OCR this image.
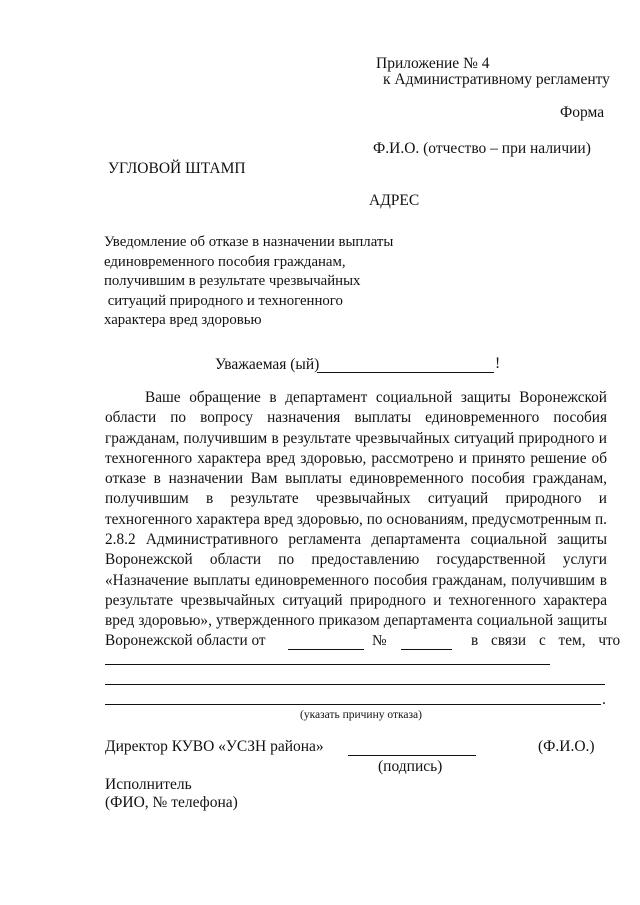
Приложение № 4
к Административному регламенту
Форма
Ф.И.О. (отчество – при наличии)
УГЛОВОЙ ШТАМП
АДРЕС
Уведомление об отказе в назначении выплаты
единовременного пособия гражданам,
получившим в результате чрезвычайных
ситуаций природного и техногенного
характера вред здоровью
Уважаемая (ый)	!
Ваше обращение в департамент социальной защиты Воронежской
области по вопросу назначения выплаты единовременного пособия
гражданам, получившим в результате чрезвычайных ситуаций природного и
техногенного характера вред здоровью, рассмотрено и принято решение об
отказе в назначении Вам выплаты единовременного пособия гражданам,
получившим в результате чрезвычайных ситуаций природного и
техногенного характера вред здоровью, по основаниям, предусмотренным п.
2.8.2 Административного регламента департамента социальной защиты
Воронежской области по предоставлению государственной услуги
«Назначение выплаты единовременного пособия гражданам, получившим в
результате чрезвычайных ситуаций природного и техногенного характера
вред здоровью», утвержденного приказом департамента социальной защиты
Воронежской области от	№	в связи с тем, что
.
(указать причину отказа)
Директор КУВО «УСЗН района»	(Ф.И.О.)
(подпись)
Исполнитель
(ФИО, № телефона)
